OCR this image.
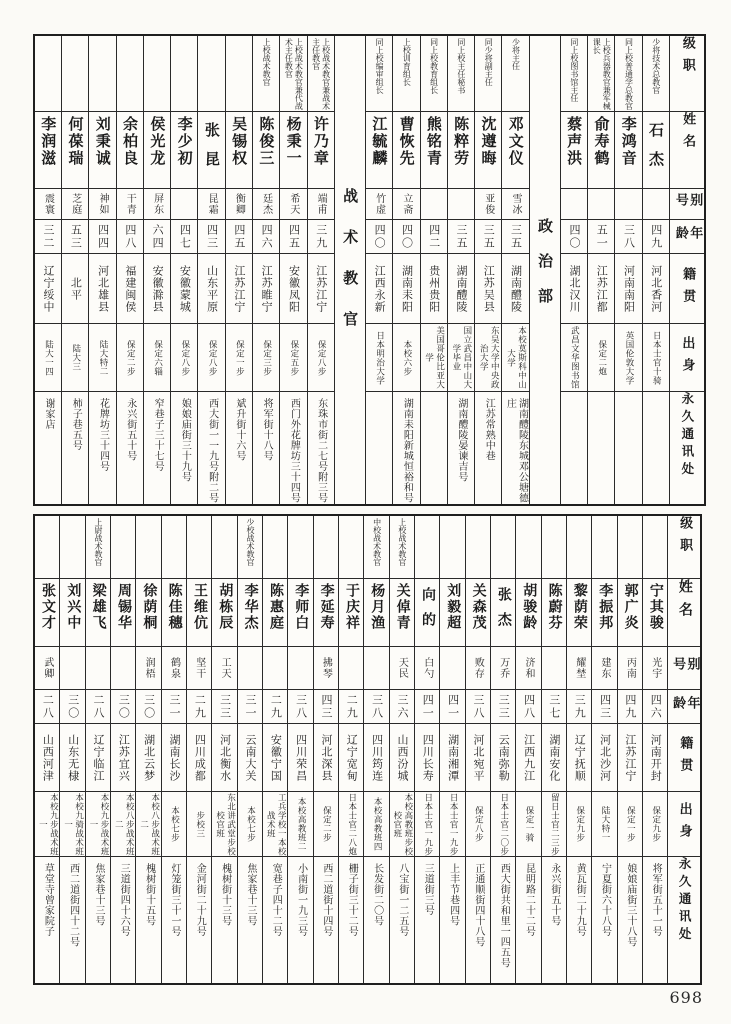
级职
姓名
别号
年龄
籍贯
出身
永久通讯处
少将技术总教官
石杰
四九
河北香河
日本士官十骑
同上校普通学总教官
李鸿音
三八
河南南阳
英国伦敦大学
上校兵器教官兼军械课长
俞寿鹤
五一
江苏江都
保定二炮
同上校图书馆主任
蔡声洪
四〇
湖北汉川
武昌文华图书馆
政治部
少将主任
邓文仪
雪冰
三五
湖南醴陵
本校莫斯科中山大学
湖南醴陵东城邓公塘德庄
同少将副主任
沈遵晦
亚俊
三五
江苏吴县
东吴大学中央政治大学
江苏常熟中巷
同上校主任秘书
陈粹劳
三五
湖南醴陵
国立武昌中山大学毕业
湖南醴陵晏谏吉号
同上校教育组长
熊铭青
四二
贵州贵阳
美国哥伦比亚大学
上校训育组长
曹恢先
立斋
四〇
湖南耒阳
本校六步
湖南耒阳新城恒裕和号
同上校编审组长
江毓麟
竹虚
四〇
江西永新
日本明治大学
战术教官
上校战术教官兼战术主任教官
许乃章
端甫
三九
江苏江宁
保定八步
东珠市街二七号附三号
上校战术教官兼代战术主任教官
杨秉一
希天
四五
安徽凤阳
保定五步
西门外花牌坊三十四号
上校战术教官
陈俊三
廷杰
四六
江苏睢宁
保定三步
将军街十八号
吴锡权
衡卿
四五
江苏江宁
保定一步
斌升街十六号
张昆
昆霜
四三
山东平原
保定八步
西大街一一九号附二号
李少初
四七
安徽蒙城
保定八步
娘娘庙街三十九号
侯光龙
屏东
六四
安徽滁县
保定六辎
窄巷子三十七号
余柏良
干青
四八
福建闽侯
保定二步
永兴街五十号
刘秉诚
神如
四四
河北雄县
陆大特二
花牌坊三十四号
何葆瑞
芝庭
五三
北平
陆大三
柿子巷五号
李润滋
震寰
三二
辽宁绥中
陆大一四
谢家店
级职
姓名
别号
年龄
籍贯
出身
永久通讯处
宁其骏
光宇
四六
河南开封
保定九步
将军街五十一号
郭广炎
丙南
四九
江苏江宁
保定一步
娘娘庙街三十八号
李振邦
建东
四三
河北沙河
陆大特一
宁夏街六十八号
黎荫荣
耀埜
三九
辽宁抚顺
保定九步
黄瓦街二十九号
陈蔚芬
三七
湖南安化
留日士官二三步
永兴街五十号
胡骏龄
济和
四八
江西九江
保定一骑
昆明路二十二号
张杰
万乔
三三
云南弥勒
日本士官二〇步
西大街共和里一四五号
关森茂
败存
三八
河北宛平
保定八步
正通顺街四十八号
刘毅超
四一
湖南湘潭
日本士官一九步
上丰节巷四号
向的
白勺
四一
四川长寿
日本士官一九步
三道街三号
上校战术教官
关倬青
天民
三六
山西汾城
本校高教班步校校官班
八宝街一二五号
中校战术教官
杨月渔
三八
四川筠连
本校高教班四
长发街二〇号
于庆祥
二九
辽宁宽甸
日本士官二八炮
栅子街三十二号
李延寿
拂琴
四三
河北深县
保定二步
西二道街十四号
李师白
三八
四川荣昌
本校高教班二
小南街一九三号
陈惠庭
二九
安徽宁国
工兵学校一本校战术班
宽巷子四十二号
少校战术教官
李华杰
三一
云南大关
本校七步
焦家巷十三号
胡栋辰
工天
三三
河北衡水
东北讲武堂步校校官班
槐树街十三号
王维伉
坚干
二九
四川成都
步校三
金河街二十九号
陈佳穗
鹤泉
三一
湖南长沙
本校七步
灯笼街三十一号
徐荫桐
润梧
三〇
湖北云梦
本校八步战术班二
槐树街十五号
周锡华
三〇
江苏宜兴
本校八步战术班二
三道街四十六号
上尉战术教官
梁雄飞
二八
辽宁临江
本校九步战术班一
焦家巷十三号
刘兴中
三〇
山东无棣
本校九骑战术班一
西二道街四十二号
张文才
武卿
二八
山西河津
本校九步战术班一
草堂寺曾家院子
698
